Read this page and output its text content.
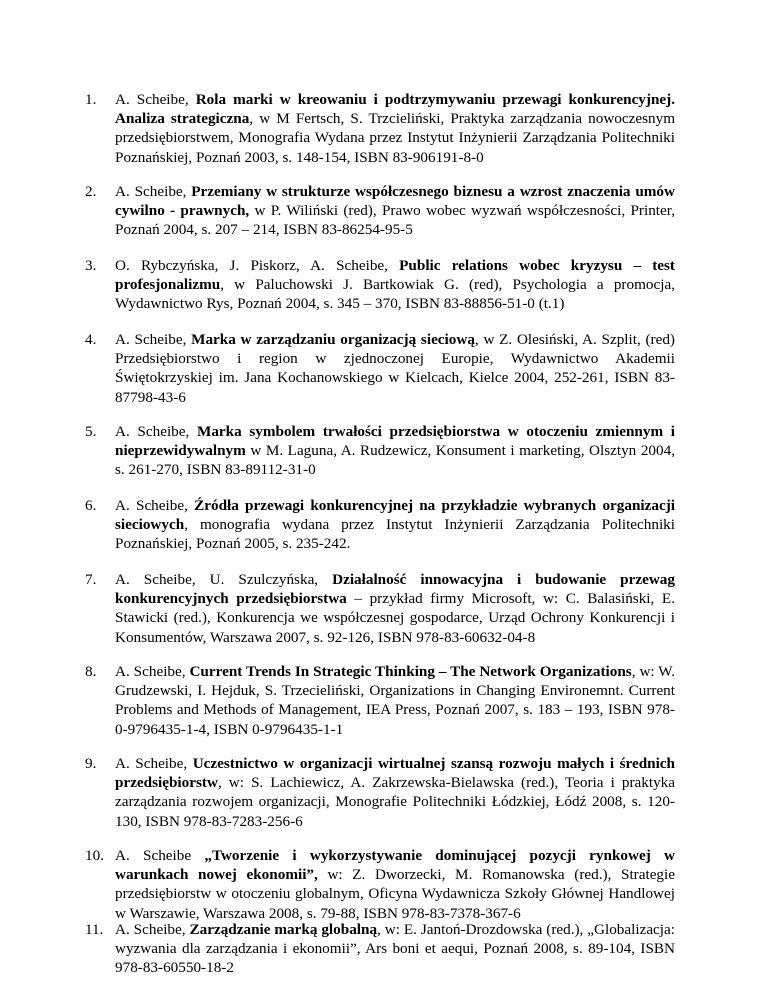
1. A. Scheibe, Rola marki w kreowaniu i podtrzymywaniu przewagi konkurencyjnej. Analiza strategiczna, w M Fertsch, S. Trzcieliński, Praktyka zarządzania nowoczesnym przedsiębiorstwem, Monografia Wydana przez Instytut Inżynierii Zarządzania Politechniki Poznańskiej, Poznań 2003, s. 148-154, ISBN 83-906191-8-0
2. A. Scheibe, Przemiany w strukturze współczesnego biznesu a wzrost znaczenia umów cywilno - prawnych, w P. Wiliński (red), Prawo wobec wyzwań współczesności, Printer, Poznań 2004, s. 207 – 214, ISBN 83-86254-95-5
3. O. Rybczyńska, J. Piskorz, A. Scheibe, Public relations wobec kryzysu – test profesjonalizmu, w Paluchowski J. Bartkowiak G. (red), Psychologia a promocja, Wydawnictwo Rys, Poznań 2004, s. 345 – 370, ISBN 83-88856-51-0 (t.1)
4. A. Scheibe, Marka w zarządzaniu organizacją sieciową, w Z. Olesiński, A. Szplit, (red) Przedsiębiorstwo i region w zjednoczonej Europie, Wydawnictwo Akademii Świętokrzyskiej im. Jana Kochanowskiego w Kielcach, Kielce 2004, 252-261, ISBN 83-87798-43-6
5. A. Scheibe, Marka symbolem trwałości przedsiębiorstwa w otoczeniu zmiennym i nieprzewidywalnym w M. Laguna, A. Rudzewicz, Konsument i marketing, Olsztyn 2004, s. 261-270, ISBN 83-89112-31-0
6. A. Scheibe, Źródła przewagi konkurencyjnej na przykładzie wybranych organizacji sieciowych, monografia wydana przez Instytut Inżynierii Zarządzania Politechniki Poznańskiej, Poznań 2005, s. 235-242.
7. A. Scheibe, U. Szulczyńska, Działalność innowacyjna i budowanie przewag konkurencyjnych przedsiębiorstwa – przykład firmy Microsoft, w: C. Balasiński, E. Stawicki (red.), Konkurencja we współczesnej gospodarce, Urząd Ochrony Konkurencji i Konsumentów, Warszawa 2007, s. 92-126, ISBN 978-83-60632-04-8
8. A. Scheibe, Current Trends In Strategic Thinking – The Network Organizations, w: W. Grudzewski, I. Hejduk, S. Trzecieliński, Organizations in Changing Environemnt. Current Problems and Methods of Management, IEA Press, Poznań 2007, s. 183 – 193, ISBN 978-0-9796435-1-4, ISBN 0-9796435-1-1
9. A. Scheibe, Uczestnictwo w organizacji wirtualnej szansą rozwoju małych i średnich przedsiębiorstw, w: S. Lachiewicz, A. Zakrzewska-Bielawska (red.), Teoria i praktyka zarządzania rozwojem organizacji, Monografie Politechniki Łódzkiej, Łódź 2008, s. 120-130, ISBN 978-83-7283-256-6
10. A. Scheibe „Tworzenie i wykorzystywanie dominującej pozycji rynkowej w warunkach nowej ekonomii”, w: Z. Dworzecki, M. Romanowska (red.), Strategie przedsiębiorstw w otoczeniu globalnym, Oficyna Wydawnicza Szkoły Głównej Handlowej w Warszawie, Warszawa 2008, s. 79-88, ISBN 978-83-7378-367-6
11. A. Scheibe, Zarządzanie marką globalną, w: E. Jantoń-Drozdowska (red.), „Globalizacja: wyzwania dla zarządzania i ekonomii”, Ars boni et aequi, Poznań 2008, s. 89-104, ISBN 978-83-60550-18-2
